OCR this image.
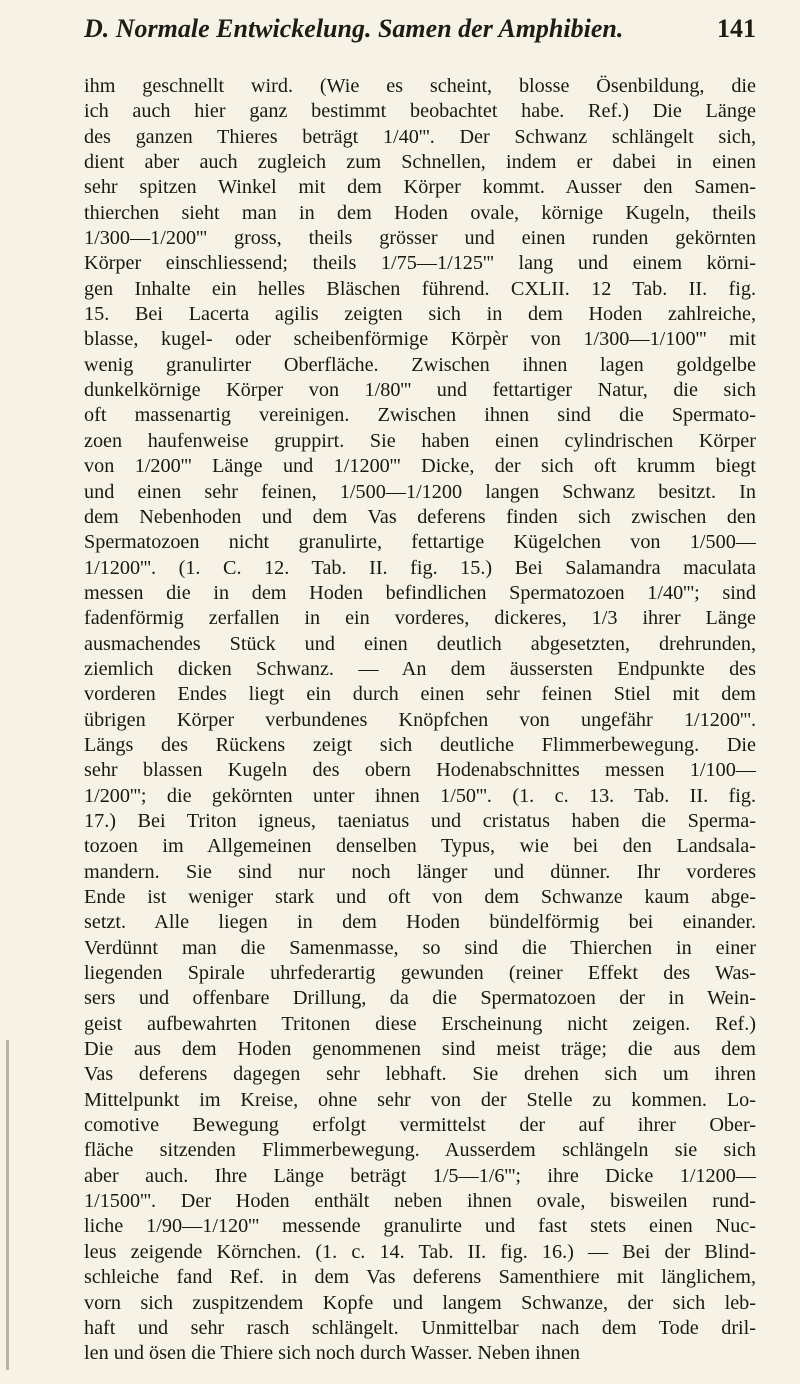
D. Normale Entwickelung. Samen der Amphibien.	141
ihm geschnellt wird. (Wie es scheint, blosse Ösenbildung, die
ich auch hier ganz bestimmt beobachtet habe. Ref.) Die Länge
des ganzen Thieres beträgt 1/40'''. Der Schwanz schlängelt sich,
dient aber auch zugleich zum Schnellen, indem er dabei in einen
sehr spitzen Winkel mit dem Körper kommt. Ausser den Samen-
thierchen sieht man in dem Hoden ovale, körnige Kugeln, theils
1/300—1/200''' gross, theils grösser und einen runden gekörnten
Körper einschliessend; theils 1/75—1/125''' lang und einem körni-
gen Inhalte ein helles Bläschen führend. CXLII. 12 Tab. II. fig.
15. Bei Lacerta agilis zeigten sich in dem Hoden zahlreiche,
blasse, kugel- oder scheibenförmige Körpèr von 1/300—1/100''' mit
wenig granulirter Oberfläche. Zwischen ihnen lagen goldgelbe
dunkelkörnige Körper von 1/80''' und fettartiger Natur, die sich
oft massenartig vereinigen. Zwischen ihnen sind die Spermato-
zoen haufenweise gruppirt. Sie haben einen cylindrischen Körper
von 1/200''' Länge und 1/1200''' Dicke, der sich oft krumm biegt
und einen sehr feinen, 1/500—1/1200 langen Schwanz besitzt. In
dem Nebenhoden und dem Vas deferens finden sich zwischen den
Spermatozoen nicht granulirte, fettartige Kügelchen von 1/500—
1/1200'''. (1. C. 12. Tab. II. fig. 15.) Bei Salamandra maculata
messen die in dem Hoden befindlichen Spermatozoen 1/40'''; sind
fadenförmig zerfallen in ein vorderes, dickeres, 1/3 ihrer Länge
ausmachendes Stück und einen deutlich abgesetzten, drehrunden,
ziemlich dicken Schwanz. — An dem äussersten Endpunkte des
vorderen Endes liegt ein durch einen sehr feinen Stiel mit dem
übrigen Körper verbundenes Knöpfchen von ungefähr 1/1200'''.
Längs des Rückens zeigt sich deutliche Flimmerbewegung. Die
sehr blassen Kugeln des obern Hodenabschnittes messen 1/100—
1/200'''; die gekörnten unter ihnen 1/50'''. (1. c. 13. Tab. II. fig.
17.) Bei Triton igneus, taeniatus und cristatus haben die Sperma-
tozoen im Allgemeinen denselben Typus, wie bei den Landsala-
mandern. Sie sind nur noch länger und dünner. Ihr vorderes
Ende ist weniger stark und oft von dem Schwanze kaum abge-
setzt. Alle liegen in dem Hoden bündelförmig bei einander.
Verdünnt man die Samenmasse, so sind die Thierchen in einer
liegenden Spirale uhrfederartig gewunden (reiner Effekt des Was-
sers und offenbare Drillung, da die Spermatozoen der in Wein-
geist aufbewahrten Tritonen diese Erscheinung nicht zeigen. Ref.)
Die aus dem Hoden genommenen sind meist träge; die aus dem
Vas deferens dagegen sehr lebhaft. Sie drehen sich um ihren
Mittelpunkt im Kreise, ohne sehr von der Stelle zu kommen. Lo-
comotive Bewegung erfolgt vermittelst der auf ihrer Ober-
fläche sitzenden Flimmerbewegung. Ausserdem schlängeln sie sich
aber auch. Ihre Länge beträgt 1/5—1/6'''; ihre Dicke 1/1200—
1/1500'''. Der Hoden enthält neben ihnen ovale, bisweilen rund-
liche 1/90—1/120''' messende granulirte und fast stets einen Nuc-
leus zeigende Körnchen. (1. c. 14. Tab. II. fig. 16.) — Bei der Blind-
schleiche fand Ref. in dem Vas deferens Samenthiere mit länglichem,
vorn sich zuspitzendem Kopfe und langem Schwanze, der sich leb-
haft und sehr rasch schlängelt. Unmittelbar nach dem Tode dril-
len und ösen die Thiere sich noch durch Wasser. Neben ihnen
